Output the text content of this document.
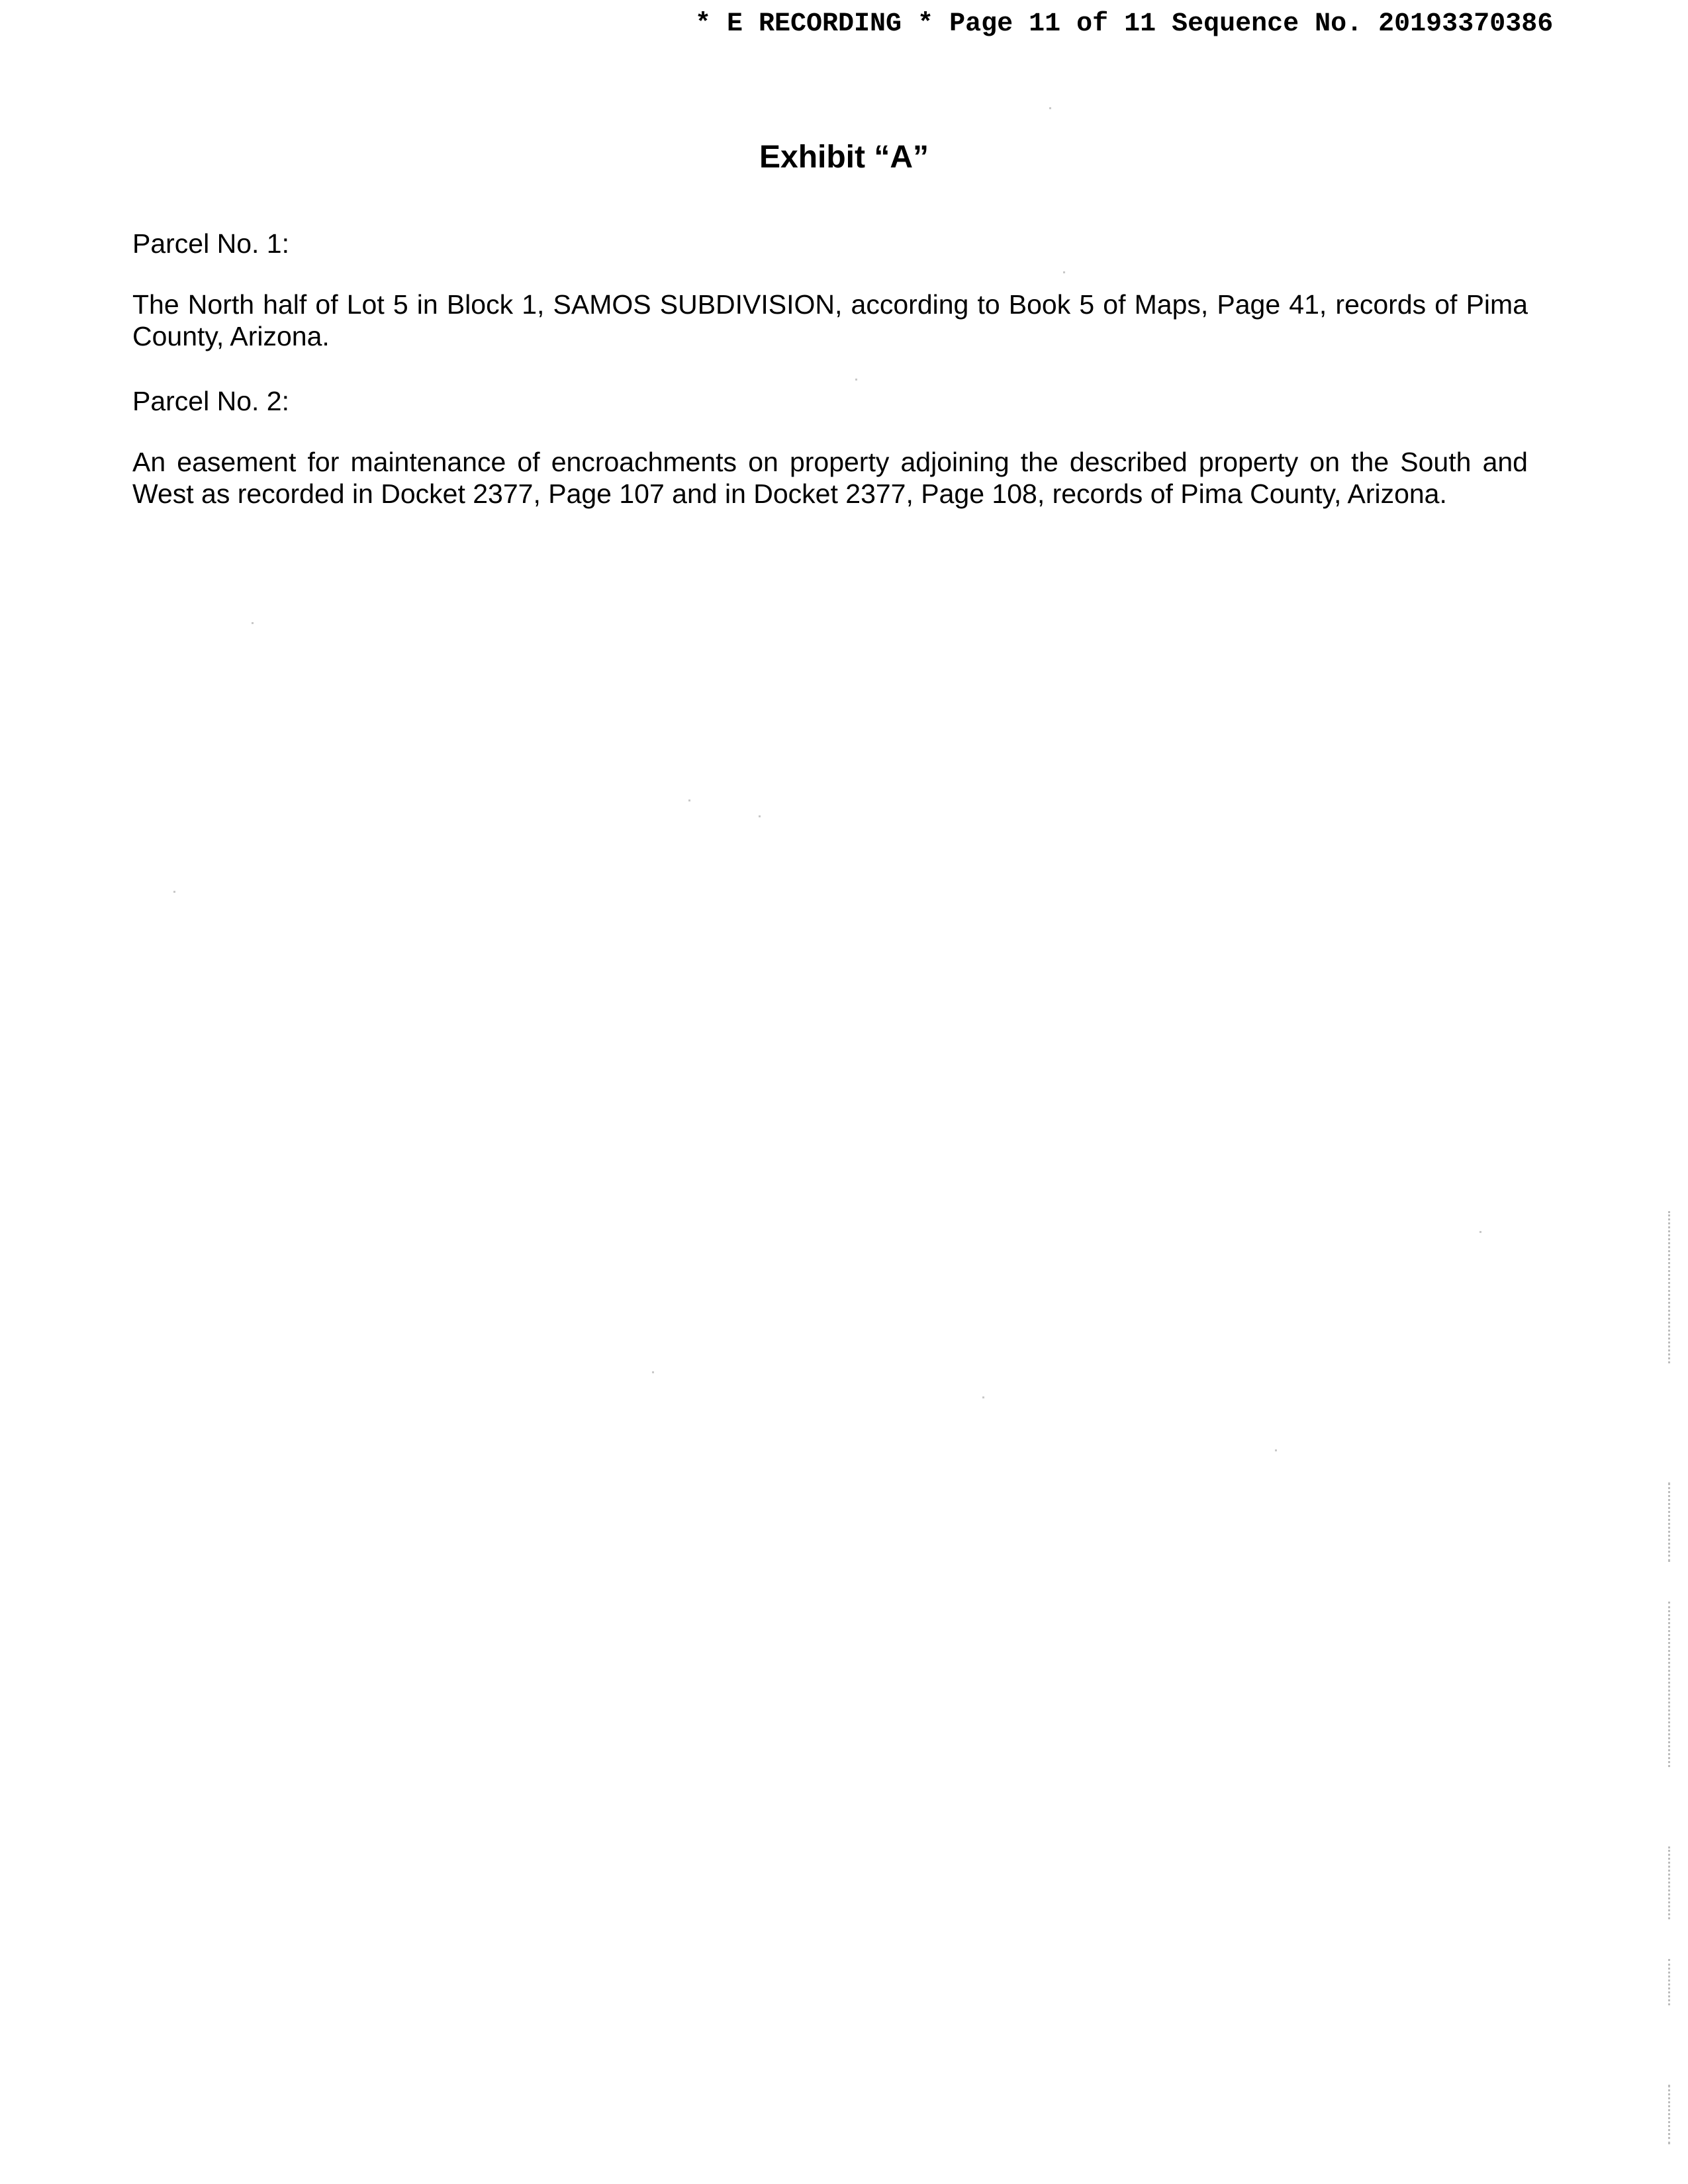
* E RECORDING * Page 11 of 11 Sequence No. 20193370386
Exhibit “A”

Parcel No. 1:

The North half of Lot 5 in Block 1, SAMOS SUBDIVISION, according to Book 5 of Maps, Page 41, records of Pima County, Arizona.

Parcel No. 2:

An easement for maintenance of encroachments on property adjoining the described property on the South and West as recorded in Docket 2377, Page 107 and in Docket 2377, Page 108, records of Pima County, Arizona.
